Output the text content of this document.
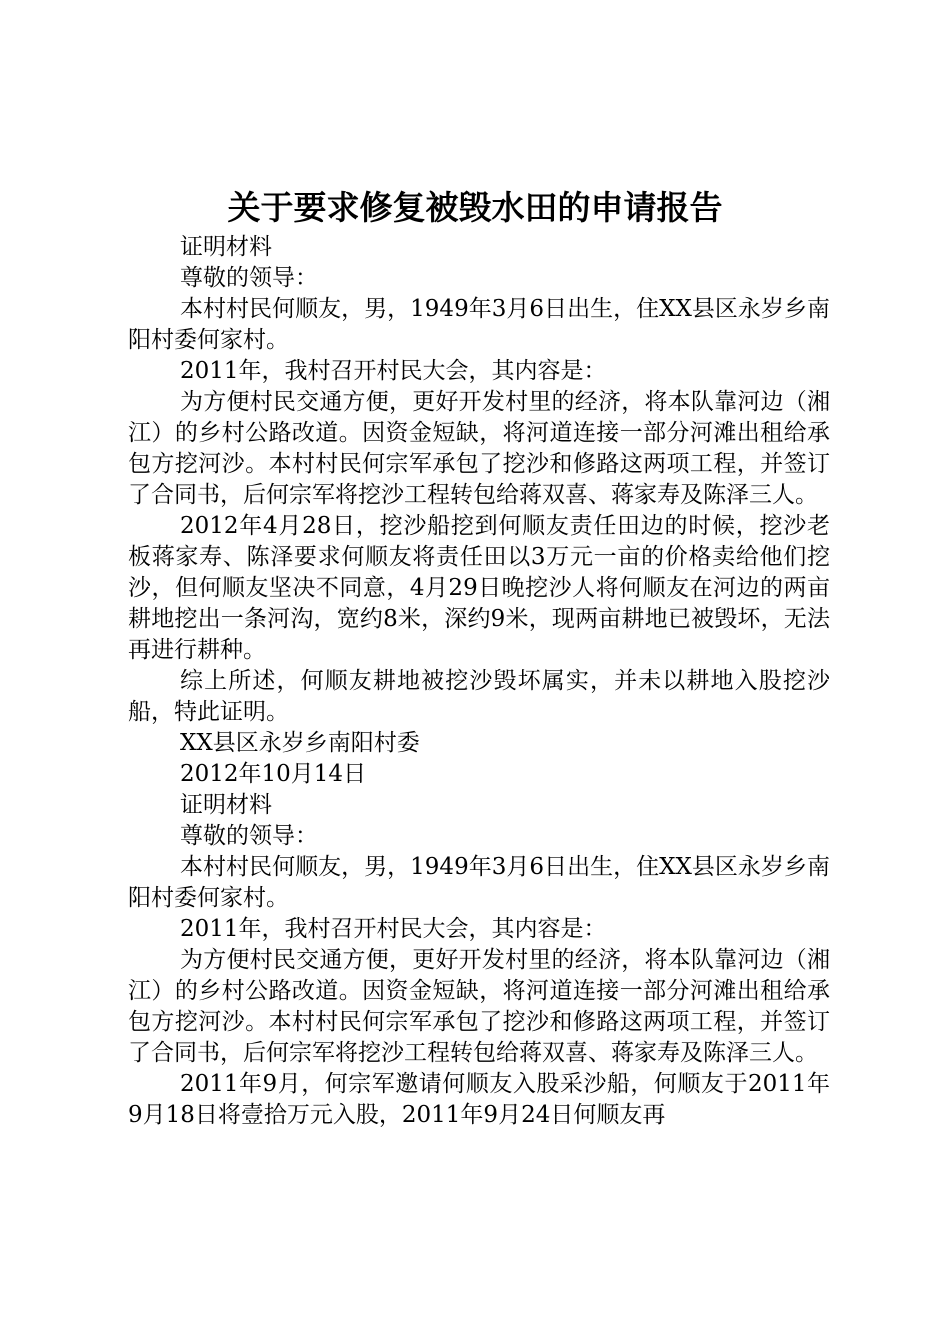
关于要求修复被毁水田的申请报告

证明材料

尊敬的领导：

本村村民何顺友，男，1949年3月6日出生，住XX县区永岁乡南阳村委何家村。

2011年，我村召开村民大会，其内容是：

为方便村民交通方便，更好开发村里的经济，将本队靠河边（湘江）的乡村公路改道。因资金短缺，将河道连接一部分河滩出租给承包方挖河沙。本村村民何宗军承包了挖沙和修路这两项工程，并签订了合同书，后何宗军将挖沙工程转包给蒋双喜、蒋家寿及陈泽三人。

2012年4月28日，挖沙船挖到何顺友责任田边的时候，挖沙老板蒋家寿、陈泽要求何顺友将责任田以3万元一亩的价格卖给他们挖沙，但何顺友坚决不同意，4月29日晚挖沙人将何顺友在河边的两亩耕地挖出一条河沟，宽约8米，深约9米，现两亩耕地已被毁坏，无法再进行耕种。

综上所述，何顺友耕地被挖沙毁坏属实，并未以耕地入股挖沙船，特此证明。

XX县区永岁乡南阳村委

2012年10月14日

证明材料

尊敬的领导：

本村村民何顺友，男，1949年3月6日出生，住XX县区永岁乡南阳村委何家村。

2011年，我村召开村民大会，其内容是：

为方便村民交通方便，更好开发村里的经济，将本队靠河边（湘江）的乡村公路改道。因资金短缺，将河道连接一部分河滩出租给承包方挖河沙。本村村民何宗军承包了挖沙和修路这两项工程，并签订了合同书，后何宗军将挖沙工程转包给蒋双喜、蒋家寿及陈泽三人。

2011年9月，何宗军邀请何顺友入股采沙船，何顺友于2011年9月18日将壹拾万元入股，2011年9月24日何顺友再
